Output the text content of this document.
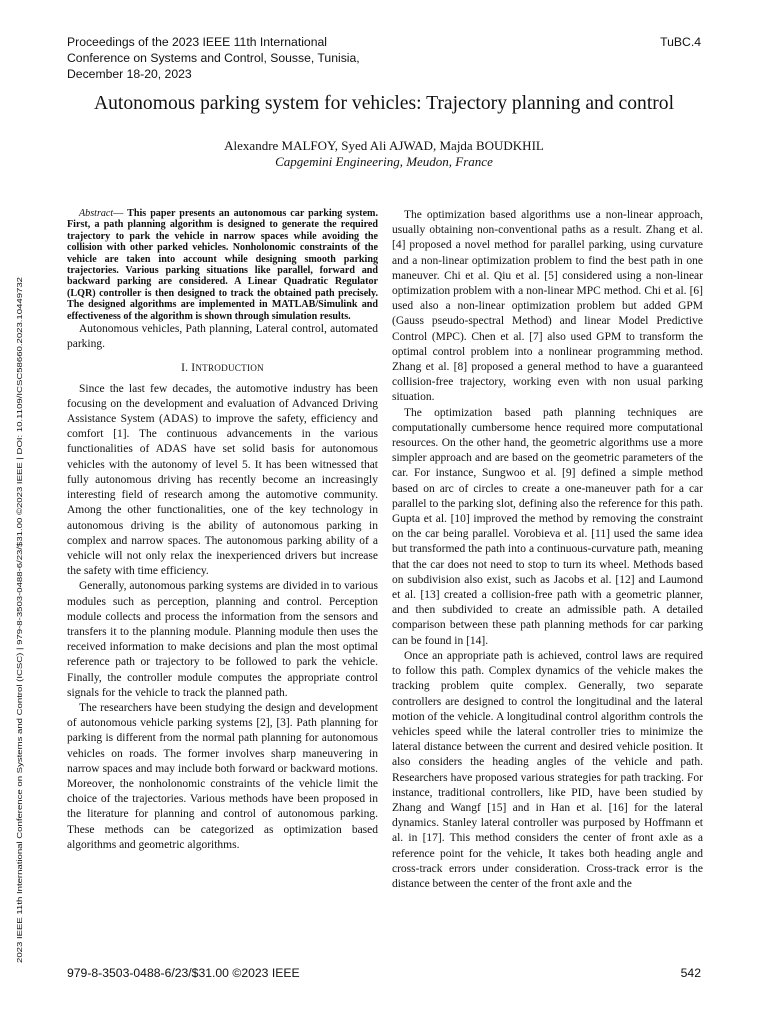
Proceedings of the 2023 IEEE 11th International
Conference on Systems and Control, Sousse, Tunisia,
December 18-20, 2023
TuBC.4
Autonomous parking system for vehicles: Trajectory planning and control
Alexandre MALFOY, Syed Ali AJWAD, Majda BOUDKHIL
Capgemini Engineering, Meudon, France
2023 IEEE 11th International Conference on Systems and Control (ICSC) | 979-8-3503-0488-6/23/$31.00 ©2023 IEEE | DOI: 10.1109/ICSC58660.2023.10449732

Abstract— This paper presents an autonomous car parking system. First, a path planning algorithm is designed to generate the required trajectory to park the vehicle in narrow spaces while avoiding the collision with other parked vehicles. Nonholonomic constraints of the vehicle are taken into account while designing smooth parking trajectories. Various parking situations like parallel, forward and backward parking are considered. A Linear Quadratic Regulator (LQR) controller is then designed to track the obtained path precisely. The designed algorithms are implemented in MATLAB/Simulink and effectiveness of the algorithm is shown through simulation results.

Autonomous vehicles, Path planning, Lateral control, automated parking.

I. INTRODUCTION

Since the last few decades, the automotive industry has been focusing on the development and evaluation of Advanced Driving Assistance System (ADAS) to improve the safety, efficiency and comfort [1]. The continuous advancements in the various functionalities of ADAS have set solid basis for autonomous vehicles with the autonomy of level 5. It has been witnessed that fully autonomous driving has recently become an increasingly interesting field of research among the automotive community. Among the other functionalities, one of the key technology in autonomous driving is the ability of autonomous parking in complex and narrow spaces. The autonomous parking ability of a vehicle will not only relax the inexperienced drivers but increase the safety with time efficiency.

Generally, autonomous parking systems are divided in to various modules such as perception, planning and control. Perception module collects and process the information from the sensors and transfers it to the planning module. Planning module then uses the received information to make decisions and plan the most optimal reference path or trajectory to be followed to park the vehicle. Finally, the controller module computes the appropriate control signals for the vehicle to track the planned path.

The researchers have been studying the design and development of autonomous vehicle parking systems [2], [3]. Path planning for parking is different from the normal path planning for autonomous vehicles on roads. The former involves sharp maneuvering in narrow spaces and may include both forward or backward motions. Moreover, the nonholonomic constraints of the vehicle limit the choice of the trajectories. Various methods have been proposed in the literature for planning and control of autonomous parking. These methods can be categorized as optimization based algorithms and geometric algorithms.

The optimization based algorithms use a non-linear approach, usually obtaining non-conventional paths as a result. Zhang et al. [4] proposed a novel method for parallel parking, using curvature and a non-linear optimization problem to find the best path in one maneuver. Chi et al. Qiu et al. [5] considered using a non-linear optimization problem with a non-linear MPC method. Chi et al. [6] used also a non-linear optimization problem but added GPM (Gauss pseudo-spectral Method) and linear Model Predictive Control (MPC). Chen et al. [7] also used GPM to transform the optimal control problem into a nonlinear programming method. Zhang et al. [8] proposed a general method to have a guaranteed collision-free trajectory, working even with non usual parking situation.

The optimization based path planning techniques are computationally cumbersome hence required more computational resources. On the other hand, the geometric algorithms use a more simpler approach and are based on the geometric parameters of the car. For instance, Sungwoo et al. [9] defined a simple method based on arc of circles to create a one-maneuver path for a car parallel to the parking slot, defining also the reference for this path. Gupta et al. [10] improved the method by removing the constraint on the car being parallel. Vorobieva et al. [11] used the same idea but transformed the path into a continuous-curvature path, meaning that the car does not need to stop to turn its wheel. Methods based on subdivision also exist, such as Jacobs et al. [12] and Laumond et al. [13] created a collision-free path with a geometric planner, and then subdivided to create an admissible path. A detailed comparison between these path planning methods for car parking can be found in [14].

Once an appropriate path is achieved, control laws are required to follow this path. Complex dynamics of the vehicle makes the tracking problem quite complex. Generally, two separate controllers are designed to control the longitudinal and the lateral motion of the vehicle. A longitudinal control algorithm controls the vehicles speed while the lateral controller tries to minimize the lateral distance between the current and desired vehicle position. It also considers the heading angles of the vehicle and path. Researchers have proposed various strategies for path tracking. For instance, traditional controllers, like PID, have been studied by Zhang and Wangf [15] and in Han et al. [16] for the lateral dynamics. Stanley lateral controller was purposed by Hoffmann et al. in [17]. This method considers the center of front axle as a reference point for the vehicle, It takes both heading angle and cross-track errors under consideration. Cross-track error is the distance between the center of the front axle and the

979-8-3503-0488-6/23/$31.00 ©2023 IEEE	542
